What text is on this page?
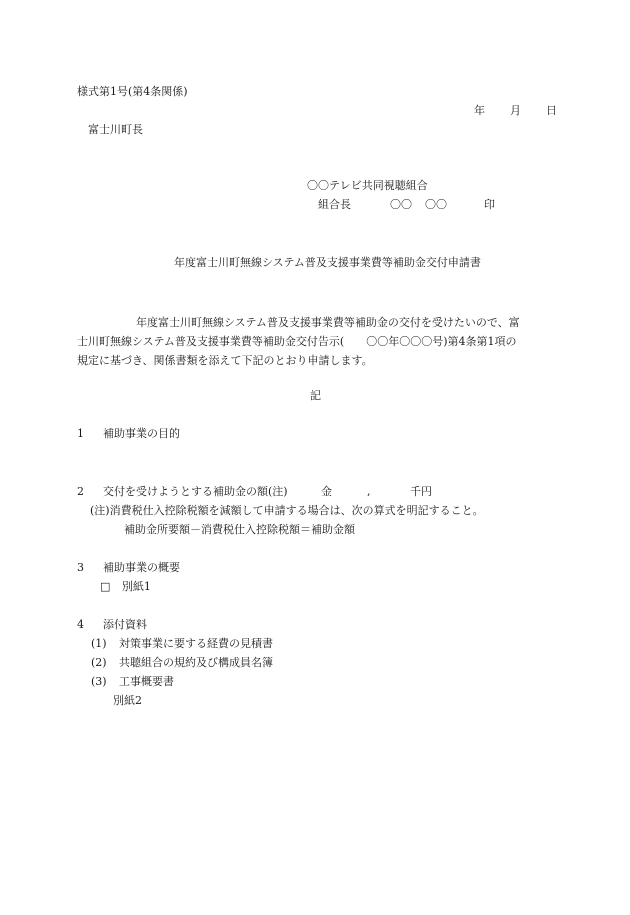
様式第1号(第4条関係)
年 月 日
富士川町長
〇〇テレビ共同視聴組合
組合長	〇〇 〇〇	印
年度富士川町無線システム普及支援事業費等補助金交付申請書
年度富士川町無線システム普及支援事業費等補助金の交付を受けたいので、富
士川町無線システム普及支援事業費等補助金交付告示(　　〇〇年〇〇〇号)第4条第1項の
規定に基づき、関係書類を添えて下記のとおり申請します。
記
1 補助事業の目的
2 交付を受けようとする補助金の額(注)	金	,	千円
(注)消費税仕入控除税額を減額して申請する場合は、次の算式を明記すること。
補助金所要額－消費税仕入控除税額＝補助金額
3 補助事業の概要
□ 別紙1
4 添付資料
(1) 対策事業に要する経費の見積書
(2) 共聴組合の規約及び構成員名簿
(3) 工事概要書
別紙2
